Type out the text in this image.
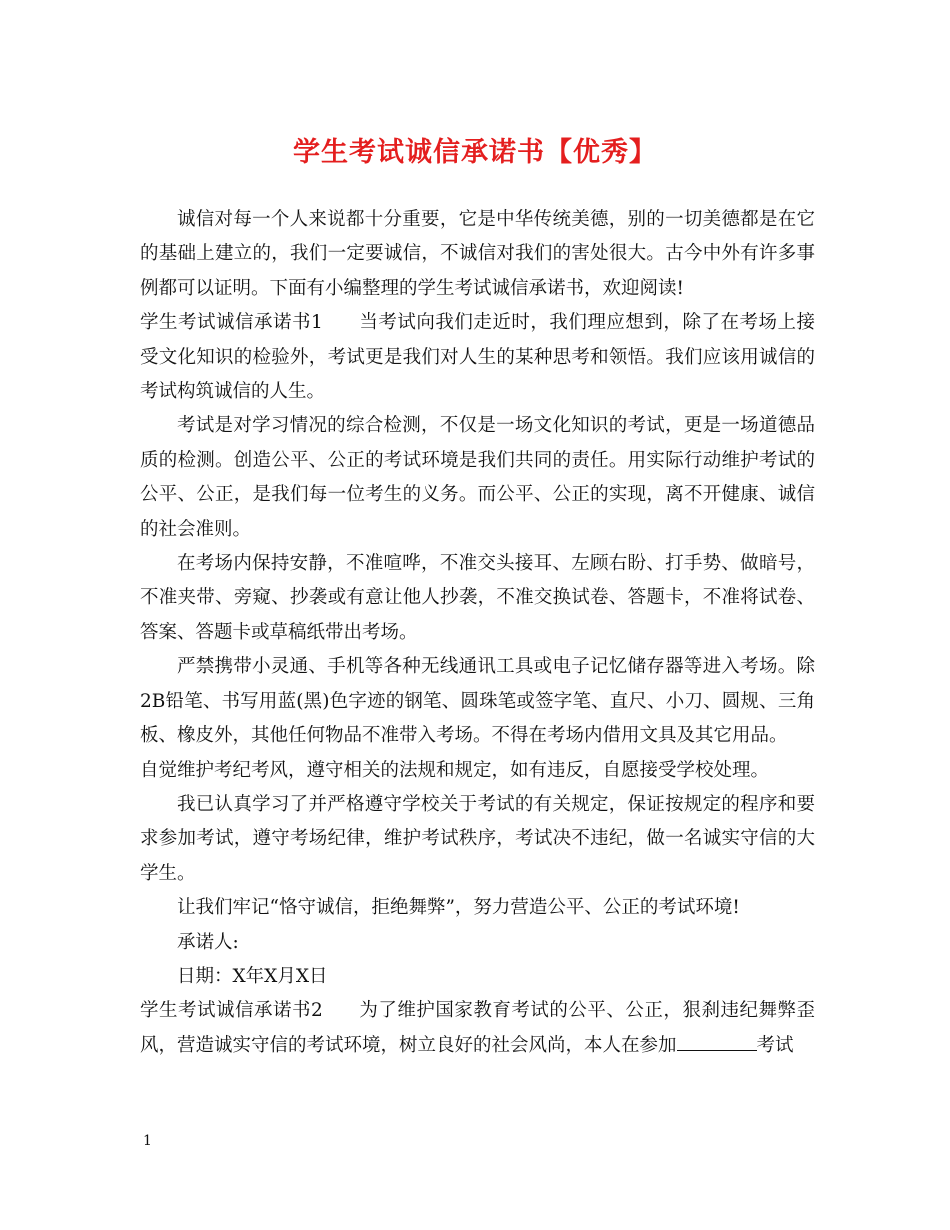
学生考试诚信承诺书【优秀】

诚信对每一个人来说都十分重要，它是中华传统美德，别的一切美德都是在它的基础上建立的，我们一定要诚信，不诚信对我们的害处很大。古今中外有许多事例都可以证明。下面有小编整理的学生考试诚信承诺书，欢迎阅读!

学生考试诚信承诺书1 当考试向我们走近时，我们理应想到，除了在考场上接受文化知识的检验外，考试更是我们对人生的某种思考和领悟。我们应该用诚信的考试构筑诚信的人生。

考试是对学习情况的综合检测，不仅是一场文化知识的考试，更是一场道德品质的检测。创造公平、公正的考试环境是我们共同的责任。用实际行动维护考试的公平、公正，是我们每一位考生的义务。而公平、公正的实现，离不开健康、诚信的社会准则。

在考场内保持安静，不准喧哗，不准交头接耳、左顾右盼、打手势、做暗号，不准夹带、旁窥、抄袭或有意让他人抄袭，不准交换试卷、答题卡，不准将试卷、答案、答题卡或草稿纸带出考场。

严禁携带小灵通、手机等各种无线通讯工具或电子记忆储存器等进入考场。除2B铅笔、书写用蓝(黑)色字迹的钢笔、圆珠笔或签字笔、直尺、小刀、圆规、三角板、橡皮外，其他任何物品不准带入考场。不得在考场内借用文具及其它用品。

自觉维护考纪考风，遵守相关的法规和规定，如有违反，自愿接受学校处理。

我已认真学习了并严格遵守学校关于考试的有关规定，保证按规定的程序和要求参加考试，遵守考场纪律，维护考试秩序，考试决不违纪，做一名诚实守信的大学生。

让我们牢记“恪守诚信，拒绝舞弊”，努力营造公平、公正的考试环境!

承诺人:

日期：X年X月X日

学生考试诚信承诺书2 为了维护国家教育考试的公平、公正，狠刹违纪舞弊歪风，营造诚实守信的考试环境，树立良好的社会风尚，本人在参加	考试

1
